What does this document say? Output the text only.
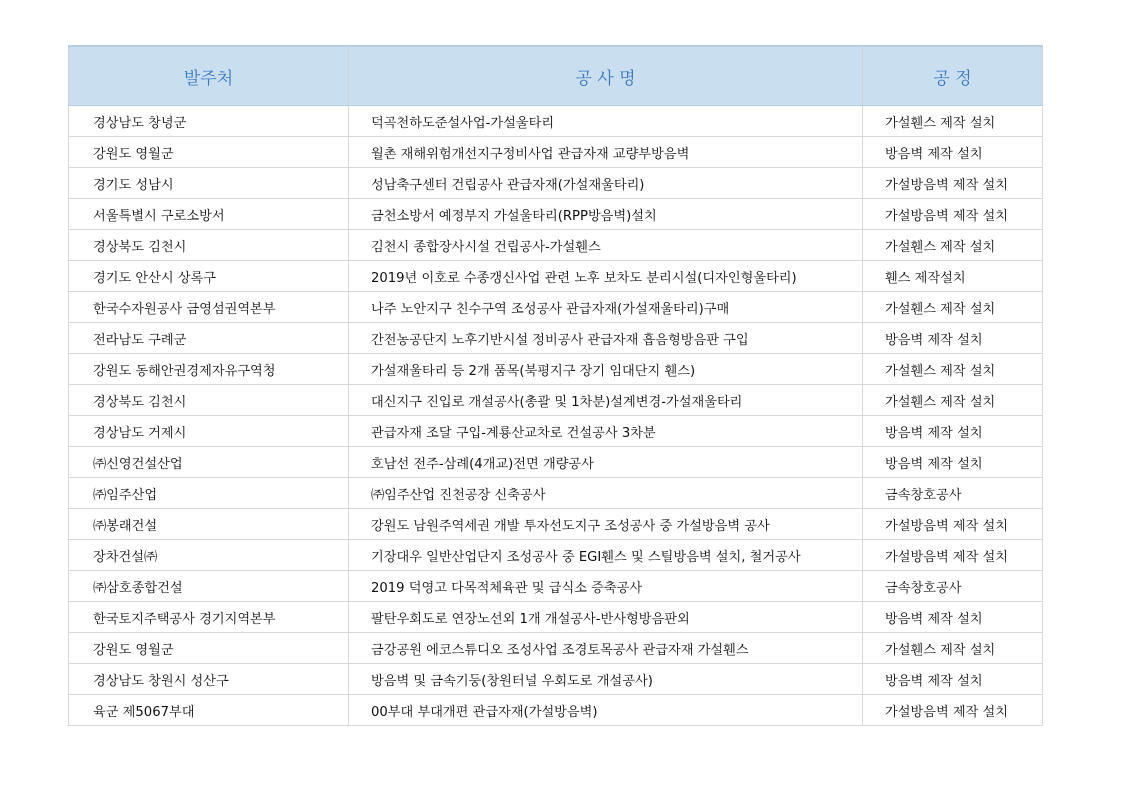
발주처	공 사 명	공 정
경상남도 창녕군	덕곡천하도준설사업-가설울타리	가설휀스 제작 설치
강원도 영월군	월촌 재해위험개선지구정비사업 관급자재 교량부방음벽	방음벽 제작 설치
경기도 성남시	성남축구센터 건립공사 관급자재(가설재울타리)	가설방음벽 제작 설치
서울특별시 구로소방서	금천소방서 예정부지 가설울타리(RPP방음벽)설치	가설방음벽 제작 설치
경상북도 김천시	김천시 종합장사시설 건립공사-가설휀스	가설휀스 제작 설치
경기도 안산시 상록구	2019년 이호로 수종갱신사업 관련 노후 보차도 분리시설(디자인형울타리)	휀스 제작설치
한국수자원공사 금영섬권역본부	나주 노안지구 친수구역 조성공사 관급자재(가설재울타리)구매	가설휀스 제작 설치
전라남도 구례군	간전농공단지 노후기반시설 정비공사 관급자재 흡음형방음판 구입	방음벽 제작 설치
강원도 동해안권경제자유구역청	가설재울타리 등 2개 품목(북평지구 장기 임대단지 휀스)	가설휀스 제작 설치
경상북도 김천시	대신지구 진입로 개설공사(총괄 및 1차분)설계변경-가설재울타리	가설휀스 제작 설치
경상남도 거제시	관급자재 조달 구입-계룡산교차로 건설공사 3차분	방음벽 제작 설치
㈜신영건설산업	호남선 전주-삼례(4개교)전면 개량공사	방음벽 제작 설치
㈜임주산업	㈜임주산업 진천공장 신축공사	금속창호공사
㈜봉래건설	강원도 남원주역세권 개발 투자선도지구 조성공사 중 가설방음벽 공사	가설방음벽 제작 설치
장차건설㈜	기장대우 일반산업단지 조성공사 중 EGI휀스 및 스틸방음벽 설치, 철거공사	가설방음벽 제작 설치
㈜삼호종합건설	2019 덕영고 다목적체육관 및 급식소 증축공사	금속창호공사
한국토지주택공사 경기지역본부	팔탄우회도로 연장노선외 1개 개설공사-반사형방음판외	방음벽 제작 설치
강원도 영월군	금강공원 에코스튜디오 조성사업 조경토목공사 관급자재 가설휀스	가설휀스 제작 설치
경상남도 창원시 성산구	방음벽 및 금속기둥(창원터널 우회도로 개설공사)	방음벽 제작 설치
육군 제5067부대	00부대 부대개편 관급자재(가설방음벽)	가설방음벽 제작 설치
